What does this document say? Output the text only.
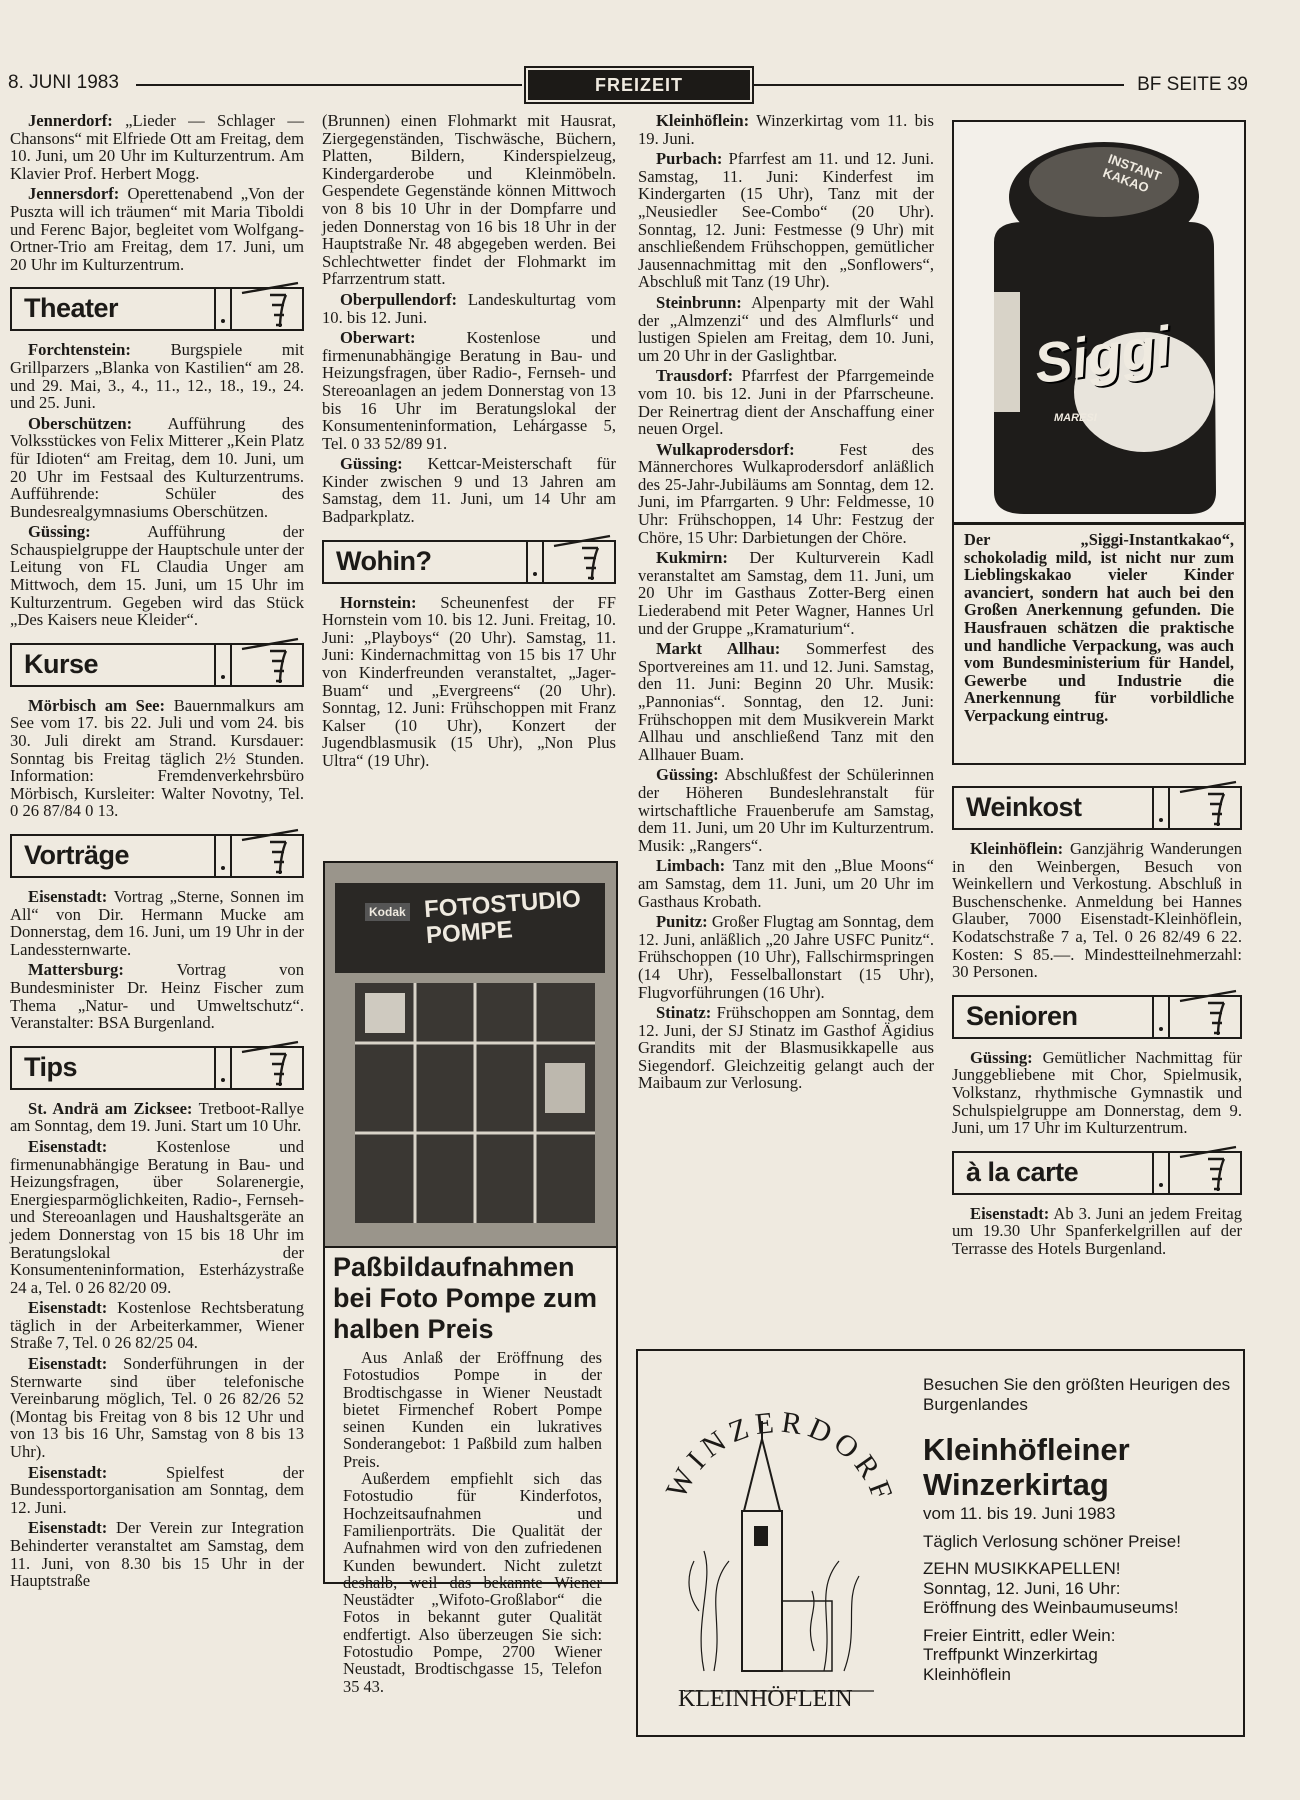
8. JUNI 1983	FREIZEIT	BF SEITE 39

Jennerdorf: „Lieder — Schlager — Chansons“ mit Elfriede Ott am Freitag, dem 10. Juni, um 20 Uhr im Kulturzentrum. Am Klavier Prof. Herbert Mogg.

Jennersdorf: Operettenabend „Von der Puszta will ich träumen“ mit Maria Tiboldi und Ferenc Bajor, begleitet vom Wolfgang-Ortner-Trio am Freitag, dem 17. Juni, um 20 Uhr im Kulturzentrum.

Theater

Forchtenstein: Burgspiele mit Grillparzers „Blanka von Kastilien“ am 28. und 29. Mai, 3., 4., 11., 12., 18., 19., 24. und 25. Juni.

Oberschützen: Aufführung des Volksstückes von Felix Mitterer „Kein Platz für Idioten“ am Freitag, dem 10. Juni, um 20 Uhr im Festsaal des Kulturzentrums. Aufführende: Schüler des Bundesrealgymnasiums Oberschützen.

Güssing:	Aufführung der Schauspielgruppe der Hauptschule unter der Leitung von FL Claudia Unger am Mittwoch, dem 15. Juni, um 15 Uhr im Kulturzentrum. Gegeben wird das Stück „Des Kaisers neue Kleider“.

Kurse

Mörbisch am See: Bauernmalkurs am See vom 17. bis 22. Juli und vom 24. bis 30. Juli direkt am Strand. Kursdauer: Sonntag bis Freitag täglich 2½ Stunden. Information: Fremdenverkehrsbüro Mörbisch, Kursleiter: Walter Novotny, Tel. 0 26 87/84 0 13.

Vorträge

Eisenstadt: Vortrag „Sterne, Sonnen im All“ von Dir. Hermann Mucke am Donnerstag, dem 16. Juni, um 19 Uhr in der Landessternwarte.

Mattersburg:	Vortrag von Bundesminister Dr. Heinz Fischer zum Thema „Natur- und Umweltschutz“. Veranstalter: BSA Burgenland.

Tips

St. Andrä am Zicksee: Tretboot-Rallye am Sonntag, dem 19. Juni. Start um 10 Uhr.

Eisenstadt:	Kostenlose und firmenunabhängige Beratung in Bau- und Heizungsfragen, über Solarenergie, Energiesparmöglichkeiten, Radio-, Fernseh- und Stereoanlagen und Haushaltsgeräte an jedem Donnerstag von 15 bis 18 Uhr im Beratungslokal der Konsumenteninformation, Esterházystraße 24 a, Tel. 0 26 82/20 09.

Eisenstadt: Kostenlose Rechtsberatung täglich in der Arbeiterkammer, Wiener Straße 7, Tel. 0 26 82/25 04.

Eisenstadt: Sonderführungen in der Sternwarte sind über telefonische Vereinbarung möglich, Tel. 0 26 82/26 52 (Montag bis Freitag von 8 bis 12 Uhr und von 13 bis 16 Uhr, Samstag von 8 bis 13 Uhr).

Eisenstadt:	Spielfest der Bundessportorganisation am Sonntag, dem 12. Juni.

Eisenstadt: Der Verein zur Integration Behinderter veranstaltet am Samstag, dem 11. Juni, von 8.30 bis 15 Uhr in der Hauptstraße

(Brunnen) einen Flohmarkt mit Hausrat, Ziergegenständen, Tischwäsche, Büchern, Platten, Bildern, Kinderspielzeug, Kindergarderobe und Kleinmöbeln. Gespendete Gegenstände können Mittwoch von 8 bis 10 Uhr in der Dompfarre und jeden Donnerstag von 16 bis 18 Uhr in der Hauptstraße Nr. 48 abgegeben werden. Bei Schlechtwetter findet der Flohmarkt im Pfarrzentrum statt.

Oberpullendorf: Landeskulturtag vom 10. bis 12. Juni.

Oberwart:	Kostenlose und firmenunabhängige Beratung in Bau- und Heizungsfragen, über Radio-, Fernseh- und Stereoanlagen an jedem Donnerstag von 13 bis 16 Uhr im Beratungslokal der Konsumenteninformation, Lehárgasse 5, Tel. 0 33 52/89 91.

Güssing: Kettcar-Meisterschaft für Kinder zwischen 9 und 13 Jahren am Samstag, dem 11. Juni, um 14 Uhr am Badparkplatz.

Wohin?

Hornstein: Scheunenfest der FF Hornstein vom 10. bis 12. Juni. Freitag, 10. Juni: „Playboys“ (20 Uhr). Samstag, 11. Juni: Kindernachmittag von 15 bis 17 Uhr von Kinderfreunden veranstaltet, „Jager-Buam“ und „Evergreens“ (20 Uhr). Sonntag, 12. Juni: Frühschoppen mit Franz Kalser (10 Uhr), Konzert der Jugendblasmusik (15 Uhr), „Non Plus Ultra“ (19 Uhr).

Kleinhöflein: Winzerkirtag vom 11. bis 19. Juni.

Purbach: Pfarrfest am 11. und 12. Juni. Samstag, 11. Juni: Kinderfest im Kindergarten (15 Uhr), Tanz mit der „Neusiedler See-Combo“ (20 Uhr). Sonntag, 12. Juni: Festmesse (9 Uhr) mit anschließendem Frühschoppen, gemütlicher Jausennachmittag mit den „Sonflowers“, Abschluß mit Tanz (19 Uhr).

Steinbrunn: Alpenparty mit der Wahl der „Almzenzi“ und des Almflurls“ und lustigen Spielen am Freitag, dem 10. Juni, um 20 Uhr in der Gaslightbar.

Trausdorf: Pfarrfest der Pfarrgemeinde vom 10. bis 12. Juni in der Pfarrscheune. Der Reinertrag dient der Anschaffung einer neuen Orgel.

Wulkaprodersdorf:	Fest des Männerchores Wulkaprodersdorf anläßlich des 25-Jahr-Jubiläums am Sonntag, dem 12. Juni, im Pfarrgarten. 9 Uhr: Feldmesse, 10 Uhr: Frühschoppen, 14 Uhr: Festzug der Chöre, 15 Uhr: Darbietungen der Chöre.

Kukmirn: Der Kulturverein Kadl veranstaltet am Samstag, dem 11. Juni, um 20 Uhr im Gasthaus Zotter-Berg einen Liederabend mit Peter Wagner, Hannes Url und der Gruppe „Kramaturium“.

Markt Allhau: Sommerfest des Sportvereines am 11. und 12. Juni. Samstag, den 11. Juni: Beginn 20 Uhr. Musik: „Pannonias“. Sonntag, den 12. Juni: Frühschoppen mit dem Musikverein Markt Allhau und anschließend Tanz mit den Allhauer Buam.

Güssing: Abschlußfest der Schülerinnen der Höheren Bundeslehranstalt für wirtschaftliche Frauenberufe am Samstag, dem 11. Juni, um 20 Uhr im Kulturzentrum. Musik: „Rangers“.

Limbach: Tanz mit den „Blue Moons“ am Samstag, dem 11. Juni, um 20 Uhr im Gasthaus Krobath.

Punitz: Großer Flugtag am Sonntag, dem 12. Juni, anläßlich „20 Jahre USFC Punitz“. Frühschoppen (10 Uhr), Fallschirmspringen (14 Uhr), Fesselballonstart (15 Uhr), Flugvorführungen (16 Uhr).

Stinatz: Frühschoppen am Sonntag, dem 12. Juni, der SJ Stinatz im Gasthof Ägidius Grandits mit der Blasmusikkapelle aus Siegendorf. Gleichzeitig gelangt auch der Maibaum zur Verlosung.

Weinkost

Kleinhöflein: Ganzjährig Wanderungen in den Weinbergen, Besuch von Weinkellern und Verkostung. Abschluß in Buschenschenke. Anmeldung bei Hannes Glauber, 7000 Eisenstadt-Kleinhöflein, Kodatschstraße 7 a, Tel. 0 26 82/49 6 22. Kosten: S 85.—. Mindestteilnehmerzahl: 30 Personen.

Senioren

Güssing: Gemütlicher Nachmittag für Junggebliebene mit Chor, Spielmusik, Volkstanz, rhythmische Gymnastik und Schulspielgruppe am Donnerstag, dem 9. Juni, um 17 Uhr im Kulturzentrum.

à la carte

Eisenstadt: Ab 3. Juni an jedem Freitag um 19.30 Uhr Spanferkelgrillen auf der Terrasse des Hotels Burgenland.

FOTOSTUDIO POMPE
Kodak
Paßbildaufnahmen bei Foto Pompe zum halben Preis

Aus Anlaß der Eröffnung des Fotostudios Pompe in der Brodtischgasse in Wiener Neustadt bietet Firmenchef Robert Pompe seinen Kunden ein lukratives Sonderangebot: 1 Paßbild zum halben Preis.

Außerdem empfiehlt sich das Fotostudio für Kinderfotos, Hochzeitsaufnahmen und Familienporträts. Die Qualität der Aufnahmen wird von den zufriedenen Kunden bewundert. Nicht zuletzt deshalb, weil das bekannte Wiener Neustädter „Wifoto-Großlabor“ die Fotos in bekannt guter Qualität endfertigt. Also überzeugen Sie sich: Fotostudio Pompe, 2700 Wiener Neustadt, Brodtischgasse 15, Telefon 35 43.

Siggi
INSTANT KAKAO
MARESI
Der „Siggi-Instantkakao“, schokoladig mild, ist nicht nur zum Lieblingskakao vieler Kinder avanciert, sondern hat auch bei den Großen Anerkennung gefunden. Die Hausfrauen schätzen die praktische und handliche Verpackung, was auch vom Bundesministerium für Handel, Gewerbe und Industrie die Anerkennung für vorbildliche Verpackung eintrug.
WINZERDORF
KLEINHÖFLEIN
Besuchen Sie den größten Heurigen des Burgenlandes
Kleinhöfleiner Winzerkirtag
vom 11. bis 19. Juni 1983
Täglich Verlosung schöner Preise!
ZEHN MUSIKKAPELLEN!
Sonntag, 12. Juni, 16 Uhr:
Eröffnung des Weinbaumuseums!
Freier Eintritt, edler Wein:
Treffpunkt Winzerkirtag
Kleinhöflein
